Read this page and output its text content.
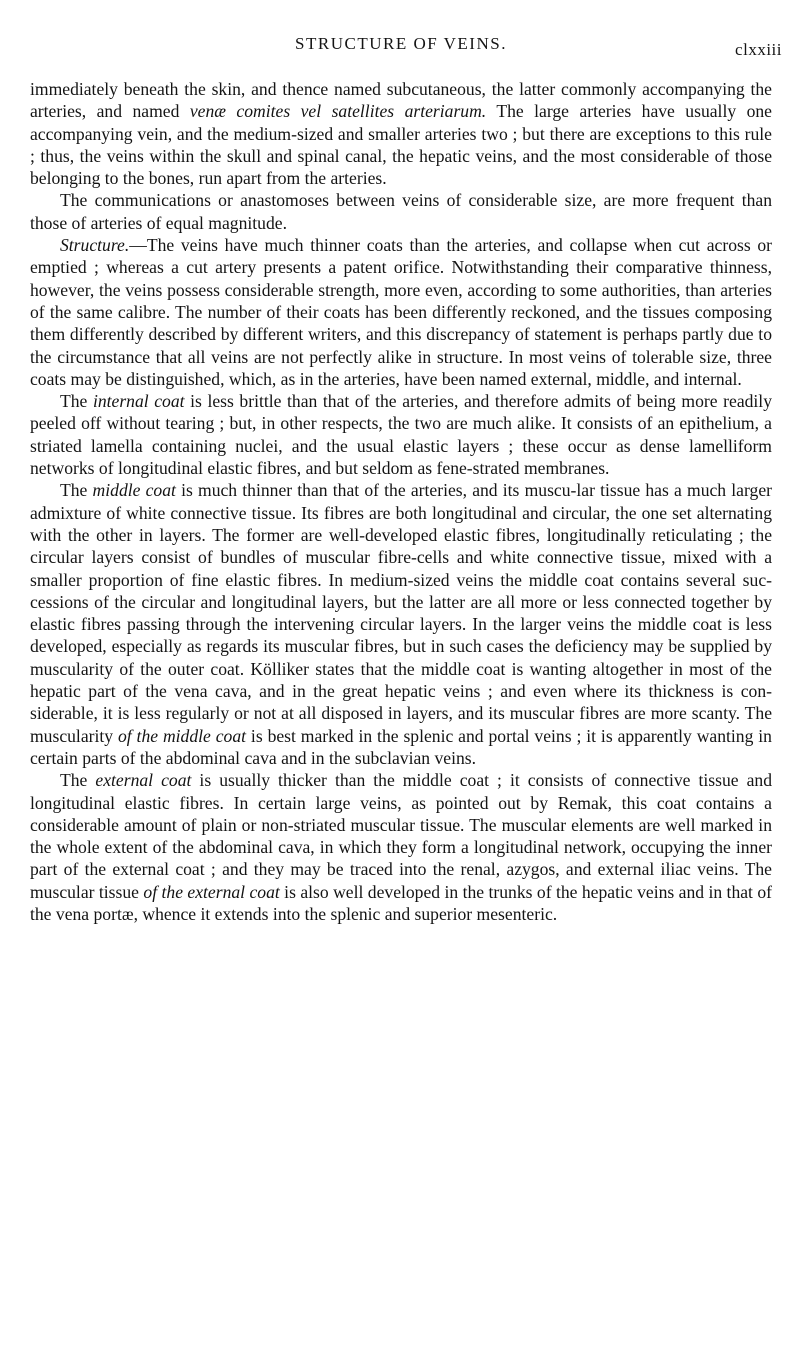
STRUCTURE OF VEINS.	clxxiii

immediately beneath the skin, and thence named subcutaneous, the latter commonly accompanying the arteries, and named venæ comites vel satellites arteriarum. The large arteries have usually one accompanying vein, and the medium-sized and smaller arteries two ; but there are exceptions to this rule ; thus, the veins within the skull and spinal canal, the hepatic veins, and the most considerable of those belonging to the bones, run apart from the arteries.

The communications or anastomoses between veins of considerable size, are more frequent than those of arteries of equal magnitude.

Structure.—The veins have much thinner coats than the arteries, and collapse when cut across or emptied ; whereas a cut artery presents a patent orifice. Notwithstanding their comparative thinness, however, the veins possess considerable strength, more even, according to some authorities, than arteries of the same calibre. The number of their coats has been differently reckoned, and the tissues composing them differently described by different writers, and this discrepancy of statement is perhaps partly due to the circumstance that all veins are not perfectly alike in structure. In most veins of tolerable size, three coats may be distinguished, which, as in the arteries, have been named external, middle, and internal.

The internal coat is less brittle than that of the arteries, and therefore admits of being more readily peeled off without tearing ; but, in other respects, the two are much alike. It consists of an epithelium, a striated lamella containing nuclei, and the usual elastic layers ; these occur as dense lamelliform networks of longitudinal elastic fibres, and but seldom as fene-strated membranes.

The middle coat is much thinner than that of the arteries, and its muscu-lar tissue has a much larger admixture of white connective tissue. Its fibres are both longitudinal and circular, the one set alternating with the other in layers. The former are well-developed elastic fibres, longitudinally reticulating ; the circular layers consist of bundles of muscular fibre-cells and white connective tissue, mixed with a smaller proportion of fine elastic fibres. In medium-sized veins the middle coat contains several suc-cessions of the circular and longitudinal layers, but the latter are all more or less connected together by elastic fibres passing through the intervening circular layers. In the larger veins the middle coat is less developed, especially as regards its muscular fibres, but in such cases the deficiency may be supplied by muscularity of the outer coat. Kölliker states that the middle coat is wanting altogether in most of the hepatic part of the vena cava, and in the great hepatic veins ; and even where its thickness is con-siderable, it is less regularly or not at all disposed in layers, and its muscular fibres are more scanty. The muscularity of the middle coat is best marked in the splenic and portal veins ; it is apparently wanting in certain parts of the abdominal cava and in the subclavian veins.

The external coat is usually thicker than the middle coat ; it consists of connective tissue and longitudinal elastic fibres. In certain large veins, as pointed out by Remak, this coat contains a considerable amount of plain or non-striated muscular tissue. The muscular elements are well marked in the whole extent of the abdominal cava, in which they form a longitudinal network, occupying the inner part of the external coat ; and they may be traced into the renal, azygos, and external iliac veins. The muscular tissue of the external coat is also well developed in the trunks of the hepatic veins and in that of the vena portæ, whence it extends into the splenic and superior mesenteric.
